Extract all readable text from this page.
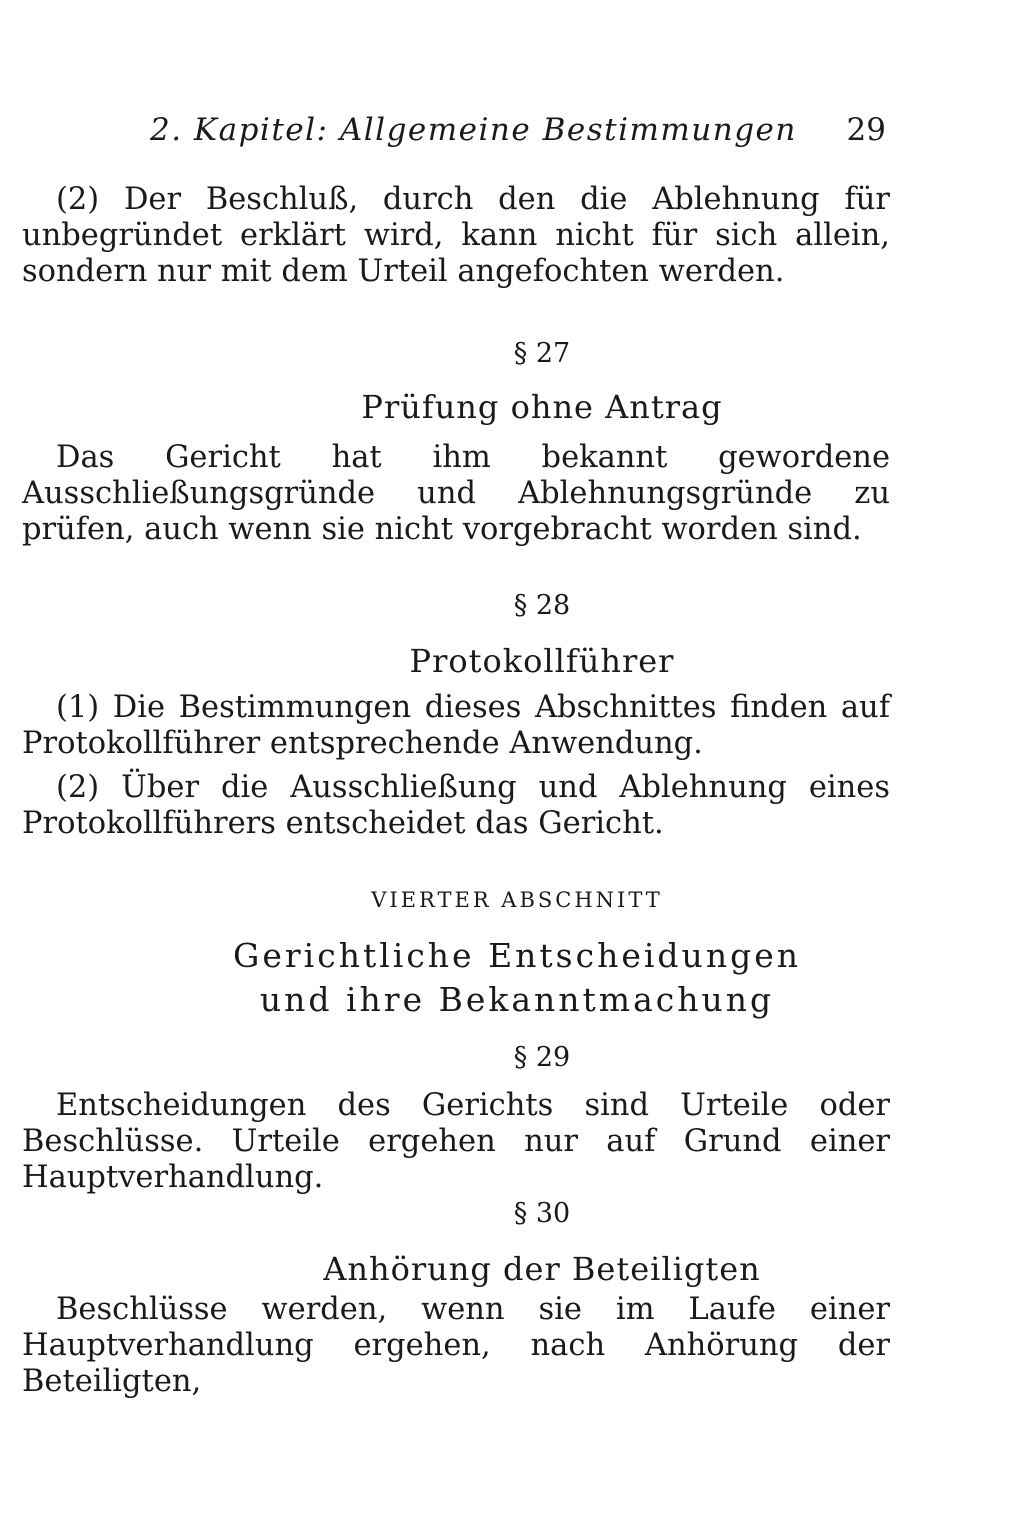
2. Kapitel: Allgemeine Bestimmungen 29

(2) Der Beschluß, durch den die Ablehnung für unbegründet erklärt wird, kann nicht für sich allein, sondern nur mit dem Urteil angefochten werden.

§ 27
Prüfung ohne Antrag

Das Gericht hat ihm bekannt gewordene Ausschließungsgründe und Ablehnungsgründe zu prüfen, auch wenn sie nicht vorgebracht worden sind.

§ 28
Protokollführer

(1) Die Bestimmungen dieses Abschnittes finden auf Protokollführer entsprechende Anwendung.

(2) Über die Ausschließung und Ablehnung eines Protokollführers entscheidet das Gericht.

VIERTER ABSCHNITT
Gerichtliche Entscheidungen
und ihre Bekanntmachung
§ 29

Entscheidungen des Gerichts sind Urteile oder Beschlüsse. Urteile ergehen nur auf Grund einer Hauptverhandlung.

§ 30
Anhörung der Beteiligten

Beschlüsse werden, wenn sie im Laufe einer Hauptverhandlung ergehen, nach Anhörung der Beteiligten,
